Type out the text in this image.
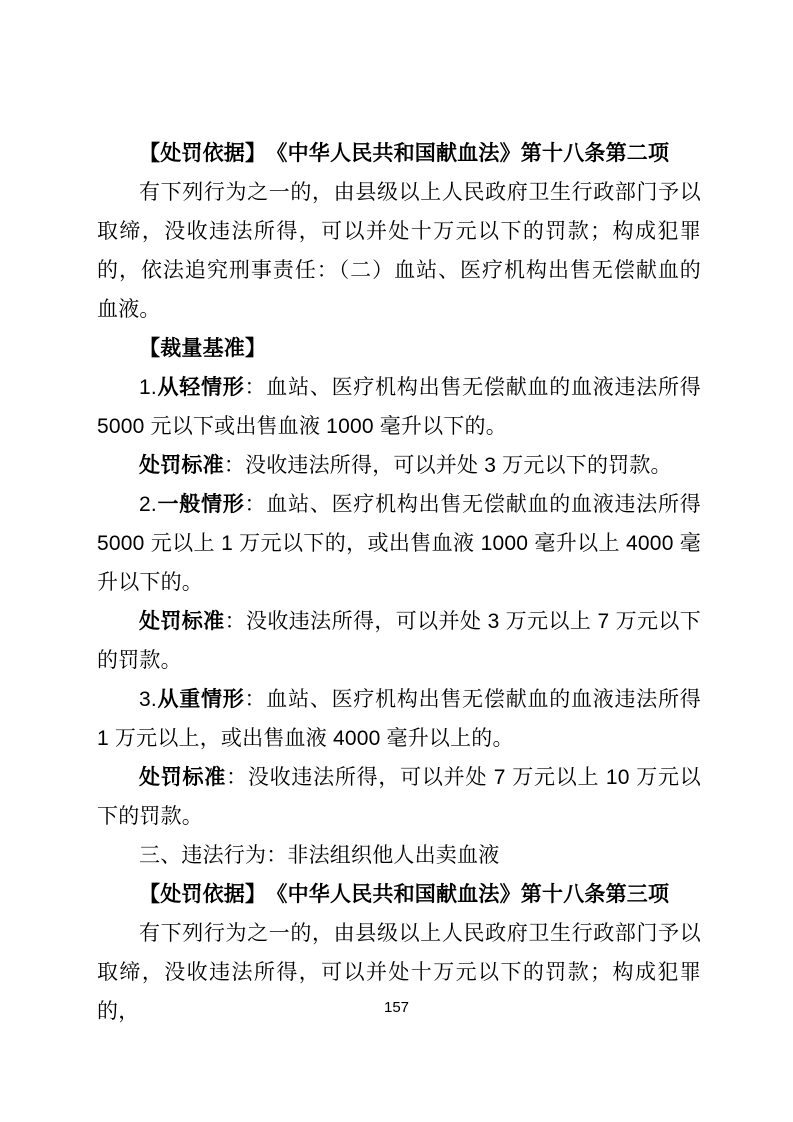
【处罚依据】　《中华人民共和国献血法》第十八条第二项

有下列行为之一的，由县级以上人民政府卫生行政部门予以取缔，没收违法所得，可以并处十万元以下的罚款；构成犯罪的，依法追究刑事责任：（二）血站、医疗机构出售无偿献血的血液。

【裁量基准】

1.从轻情形：血站、医疗机构出售无偿献血的血液违法所得 5000 元以下或出售血液 1000 毫升以下的。

处罚标准：没收违法所得，可以并处 3 万元以下的罚款。

2.一般情形：血站、医疗机构出售无偿献血的血液违法所得 5000 元以上 1 万元以下的，或出售血液 1000 毫升以上 4000 毫升以下的。

处罚标准：没收违法所得，可以并处 3 万元以上 7 万元以下的罚款。

3.从重情形：血站、医疗机构出售无偿献血的血液违法所得 1 万元以上，或出售血液 4000 毫升以上的。

处罚标准：没收违法所得，可以并处 7 万元以上 10 万元以下的罚款。

三、违法行为：非法组织他人出卖血液

【处罚依据】　《中华人民共和国献血法》第十八条第三项

有下列行为之一的，由县级以上人民政府卫生行政部门予以取缔，没收违法所得，可以并处十万元以下的罚款；构成犯罪的，	157
